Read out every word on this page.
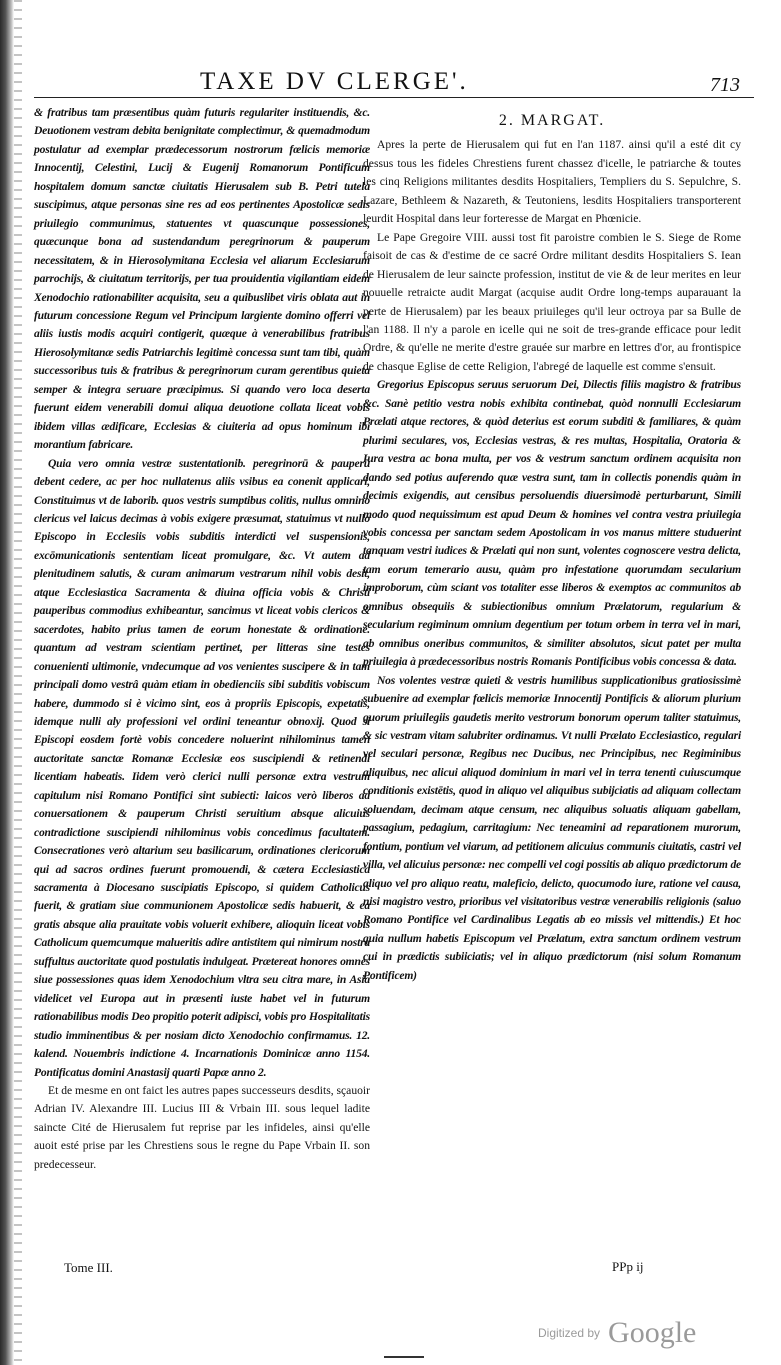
TAXE DV CLERGE'.	713

& fratribus tam præsentibus quàm futuris regulariter instituendis, &c. Deuotionem vestram debita benignitate complectimur, & quemadmodum postulatur ad exemplar prædecessorum nostrorum fœlicis memoriæ Innocentij, Celestini, Lucij & Eugenij Romanorum Pontificum hospitalem domum sanctæ ciuitatis Hierusalem sub B. Petri tutela suscipimus, atque personas sine res ad eos pertinentes Apostolicæ sedis priuilegio communimus, statuentes vt quascunque possessiones, quæcunque bona ad sustendandum peregrinorum & pauperum necessitatem, & in Hierosolymitana Ecclesia vel aliarum Ecclesiarum parrochijs, & ciuitatum territorijs, per tua prouidentia vigilantiam eidem Xenodochio rationabiliter acquisita, seu a quibuslibet viris oblata aut in futurum concessione Regum vel Principum largiente domino offerri vel aliis iustis modis acquiri contigerit, quæque à venerabilibus fratribus Hierosolymitanæ sedis Patriarchis legitimè concessa sunt tam tibi, quàm successoribus tuis & fratribus & peregrinorum curam gerentibus quieta semper & integra seruare præcipimus. Si quando vero loca deserta fuerunt eidem venerabili domui aliqua deuotione collata liceat vobis ibidem villas ædificare, Ecclesias & ciuiteria ad opus hominum ibi morantium fabricare.

Quia vero omnia vestræ sustentationib. peregrinorū & pauperū debent cedere, ac per hoc nullatenus aliis vsibus ea conenit applicari, Constituimus vt de laborib. quos vestris sumptibus colitis, nullus omnino clericus vel laicus decimas à vobis exigere præsumat, statuimus vt nullo Episcopo in Ecclesiis vobis subditis interdicti vel suspensionis, excōmunicationis sententiam liceat promulgare, &c. Vt autem ad plenitudinem salutis, & curam animarum vestrarum nihil vobis desit, atque Ecclesiastica Sacramenta & diuina officia vobis & Christi pauperibus commodius exhibeantur, sancimus vt liceat vobis clericos & sacerdotes, habito prius tamen de eorum honestate & ordinatione. quantum ad vestram scientiam pertinet, per litteras sine testes conuenienti ultimonie, vndecumque ad vos venientes suscipere & in tam principali domo vestrâ quàm etiam in obedienciis sibi subditis vobiscum habere, dummodo si è vicimo sint, eos à propriis Episcopis, expetatis, idemque nulli aly professioni vel ordini teneantur obnoxij. Quod si Episcopi eosdem fortè vobis concedere noluerint nihilominus tamen auctoritate sanctæ Romanæ Ecclesiæ eos suscipiendi & retinendi licentiam habeatis. Iidem verò clerici nulli personæ extra vestrum capitulum nisi Romano Pontifici sint subiecti: laicos verò liberos ad conuersationem & pauperum Christi seruitium absque alicuius contradictione suscipiendi nihilominus vobis concedimus facultatem. Consecrationes verò altarium seu basilicarum, ordinationes clericorum qui ad sacros ordines fuerunt promouendi, & cætera Ecclesiastica sacramenta à Diocesano suscipiatis Episcopo, si quidem Catholicus fuerit, & gratiam siue communionem Apostolicæ sedis habuerit, & ea gratis absque alia prauitate vobis voluerit exhibere, alioquin liceat vobis Catholicum quemcumque malueritis adire antistitem qui nimirum nostra suffultus auctoritate quod postulatis indulgeat. Prætereat honores omnes siue possessiones quas idem Xenodochium vltra seu citra mare, in Asia videlicet vel Europa aut in præsenti iuste habet vel in futurum rationabilibus modis Deo propitio poterit adipisci, vobis pro Hospitalitatis studio imminentibus & per nosiam dicto Xenodochio confirmamus. 12. kalend. Nouembris indictione 4. Incarnationis Dominicæ anno 1154. Pontificatus domini Anastasij quarti Papæ anno 2.

Et de mesme en ont faict les autres papes successeurs desdits, sçauoir Adrian IV. Alexandre III. Lucius III & Vrbain III. sous lequel ladite saincte Cité de Hierusalem fut reprise par les infideles, ainsi qu'elle auoit esté prise par les Chrestiens sous le regne du Pape Vrbain II. son predecesseur.

2. MARGAT.

Apres la perte de Hierusalem qui fut en l'an 1187. ainsi qu'il a esté dit cy dessus tous les fideles Chrestiens furent chassez d'icelle, le patriarche & toutes les cinq Religions militantes desdits Hospitaliers, Templiers du S. Sepulchre, S. Lazare, Bethleem & Nazareth, & Teutoniens, lesdits Hospitaliers transporterent leurdit Hospital dans leur forteresse de Margat en Phœnicie.

Le Pape Gregoire VIII. aussi tost fit paroistre combien le S. Siege de Rome faisoit de cas & d'estime de ce sacré Ordre militant desdits Hospitaliers S. Iean de Hierusalem de leur saincte profession, institut de vie & de leur merites en leur nouuelle retraicte audit Margat (acquise audit Ordre long-temps auparauant la perte de Hierusalem) par les beaux priuileges qu'il leur octroya par sa Bulle de l'an 1188. Il n'y a parole en icelle qui ne soit de tres-grande efficace pour ledit Ordre, & qu'elle ne merite d'estre grauée sur marbre en lettres d'or, au frontispice de chasque Eglise de cette Religion, l'abregé de laquelle est comme s'ensuit.

Gregorius Episcopus seruus seruorum Dei, Dilectis filiis magistro & fratribus &c. Sanè petitio vestra nobis exhibita continebat, quòd nonnulli Ecclesiarum Prælati atque rectores, & quòd deterius est eorum subditi & familiares, & quàm plurimi seculares, vos, Ecclesias vestras, & res multas, Hospitalia, Oratoria & Iura vestra ac bona multa, per vos & vestrum sanctum ordinem acquisita non dando sed potius auferendo quæ vestra sunt, tam in collectis ponendis quàm in decimis exigendis, aut censibus persoluendis diuersimodè perturbarunt, Simili modo quod nequissimum est apud Deum & homines vel contra vestra priuilegia vobis concessa per sanctam sedem Apostolicam in vos manus mittere studuerint tanquam vestri iudices & Prælati qui non sunt, volentes cognoscere vestra delicta, tam eorum temerario ausu, quàm pro infestatione quorumdam secularium improborum, cùm sciant vos totaliter esse liberos & exemptos ac communitos ab omnibus obsequiis & subiectionibus omnium Prælatorum, regularium & secularium regiminum omnium degentium per totum orbem in terra vel in mari, ab omnibus oneribus communitos, & similiter absolutos, sicut patet per multa priuilegia à prædecessoribus nostris Romanis Pontificibus vobis concessa & data.

Nos volentes vestræ quieti & vestris humilibus supplicationibus gratiosissimè subuenire ad exemplar fœlicis memoriæ Innocentij Pontificis & aliorum plurium quorum priuilegiis gaudetis merito vestrorum bonorum operum taliter statuimus, & sic vestram vitam salubriter ordinamus. Vt nulli Prælato Ecclesiastico, regulari vel seculari personæ, Regibus nec Ducibus, nec Principibus, nec Regiminibus aliquibus, nec alicui aliquod dominium in mari vel in terra tenenti cuiuscumque conditionis existētis, quod in aliquo vel aliquibus subijciatis ad aliquam collectam soluendam, decimam atque censum, nec aliquibus soluatis aliquam gabellam, passagium, pedagium, carritagium: Nec teneamini ad reparationem murorum, fontium, pontium vel viarum, ad petitionem alicuius communis ciuitatis, castri vel villa, vel alicuius personæ: nec compelli vel cogi possitis ab aliquo prædictorum de aliquo vel pro aliquo reatu, maleficio, delicto, quocumodo iure, ratione vel causa, nisi magistro vestro, prioribus vel visitatoribus vestræ venerabilis religionis (saluo Romano Pontifice vel Cardinalibus Legatis ab eo missis vel mittendis.) Et hoc quia nullum habetis Episcopum vel Prælatum, extra sanctum ordinem vestrum cui in prædictis subiiciatis; vel in aliquo prædictorum (nisi solum Romanum Pontificem)

Tome III.	PPp ij
Digitized by Google
